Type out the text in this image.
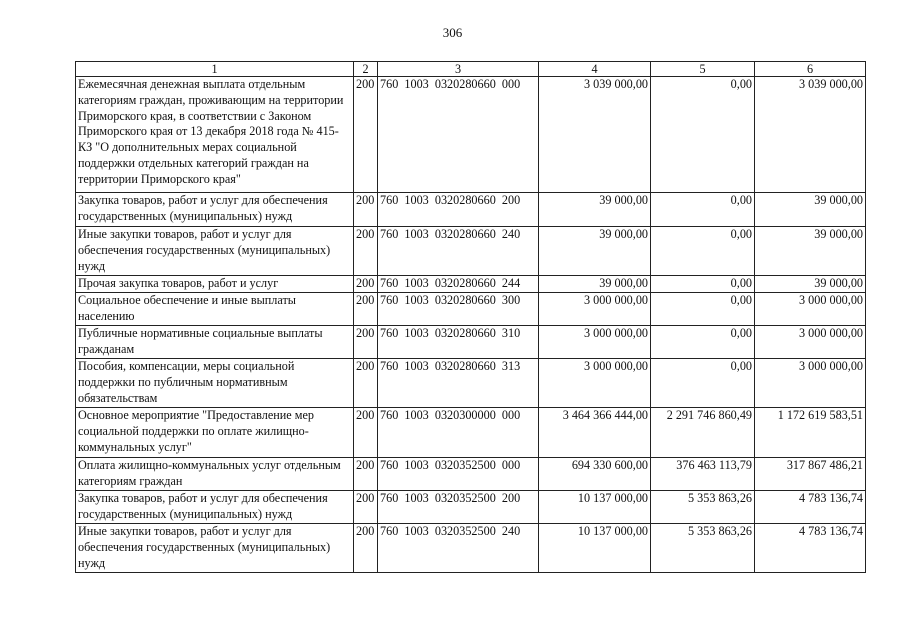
306
1	2	3	4	5	6
Ежемесячная денежная выплата отдельным категориям граждан, проживающим на территории Приморского края, в соответствии с Законом Приморского края от 13 декабря 2018 года № 415-КЗ "О дополнительных мерах социальной поддержки отдельных категорий граждан на территории Приморского края"	200	760  1003  0320280660  000	3 039 000,00	0,00	3 039 000,00
Закупка товаров, работ и услуг для обеспечения государственных (муниципальных) нужд	200	760  1003  0320280660  200	39 000,00	0,00	39 000,00
Иные закупки товаров, работ и услуг для обеспечения государственных (муниципальных) нужд	200	760  1003  0320280660  240	39 000,00	0,00	39 000,00
Прочая закупка товаров, работ и услуг	200	760  1003  0320280660  244	39 000,00	0,00	39 000,00
Социальное обеспечение и иные выплаты населению	200	760  1003  0320280660  300	3 000 000,00	0,00	3 000 000,00
Публичные нормативные социальные выплаты гражданам	200	760  1003  0320280660  310	3 000 000,00	0,00	3 000 000,00
Пособия, компенсации, меры социальной поддержки по публичным нормативным обязательствам	200	760  1003  0320280660  313	3 000 000,00	0,00	3 000 000,00
Основное мероприятие "Предоставление мер социальной поддержки по оплате жилищно-коммунальных услуг"	200	760  1003  0320300000  000	3 464 366 444,00	2 291 746 860,49	1 172 619 583,51
Оплата жилищно-коммунальных услуг отдельным категориям граждан	200	760  1003  0320352500  000	694 330 600,00	376 463 113,79	317 867 486,21
Закупка товаров, работ и услуг для обеспечения государственных (муниципальных) нужд	200	760  1003  0320352500  200	10 137 000,00	5 353 863,26	4 783 136,74
Иные закупки товаров, работ и услуг для обеспечения государственных (муниципальных) нужд	200	760  1003  0320352500  240	10 137 000,00	5 353 863,26	4 783 136,74
